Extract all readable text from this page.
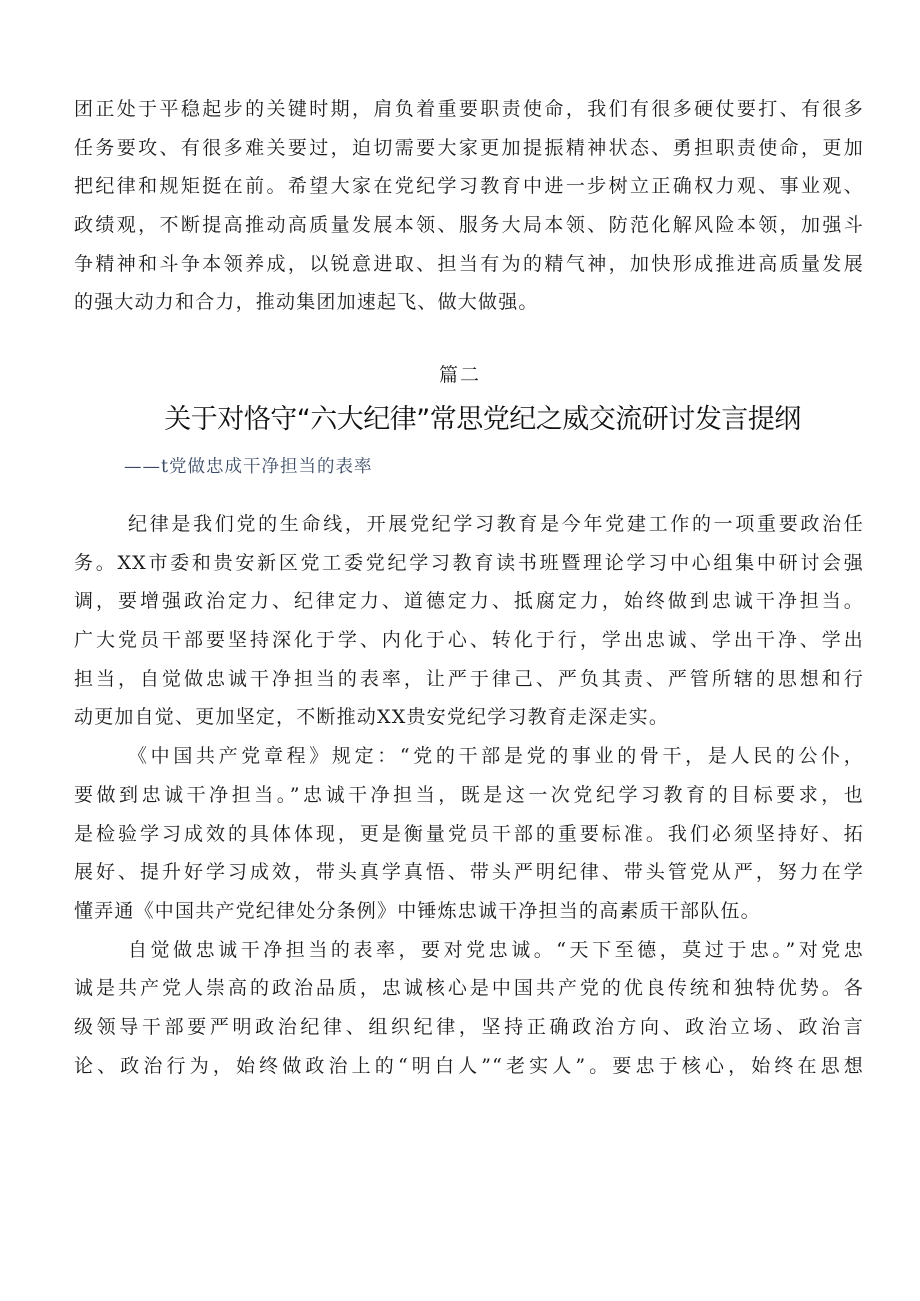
团正处于平稳起步的关键时期，肩负着重要职责使命，我们有很多硬仗要打、有很多
任务要攻、有很多难关要过，迫切需要大家更加提振精神状态、勇担职责使命，更加
把纪律和规矩挺在前。希望大家在党纪学习教育中进一步树立正确权力观、事业观、
政绩观，不断提高推动高质量发展本领、服务大局本领、防范化解风险本领，加强斗
争精神和斗争本领养成，以锐意进取、担当有为的精气神，加快形成推进高质量发展
的强大动力和合力，推动集团加速起飞、做大做强。
篇二
关于对恪守“六大纪律”常思党纪之威交流研讨发言提纲
——t党做忠成干净担当的表率
纪律是我们党的生命线，开展党纪学习教育是今年党建工作的一项重要政治任
务。XX市委和贵安新区党工委党纪学习教育读书班暨理论学习中心组集中研讨会强
调，要增强政治定力、纪律定力、道德定力、抵腐定力，始终做到忠诚干净担当。
广大党员干部要坚持深化于学、内化于心、转化于行，学出忠诚、学出干净、学出
担当，自觉做忠诚干净担当的表率，让严于律己、严负其责、严管所辖的思想和行
动更加自觉、更加坚定，不断推动XX贵安党纪学习教育走深走实。
《中国共产党章程》规定：“党的干部是党的事业的骨干，是人民的公仆，
要做到忠诚干净担当。”忠诚干净担当，既是这一次党纪学习教育的目标要求，也
是检验学习成效的具体体现，更是衡量党员干部的重要标准。我们必须坚持好、拓
展好、提升好学习成效，带头真学真悟、带头严明纪律、带头管党从严，努力在学
懂弄通《中国共产党纪律处分条例》中锤炼忠诚干净担当的高素质干部队伍。
自觉做忠诚干净担当的表率，要对党忠诚。“天下至德，莫过于忠。”对党忠
诚是共产党人崇高的政治品质，忠诚核心是中国共产党的优良传统和独特优势。各
级领导干部要严明政治纪律、组织纪律，坚持正确政治方向、政治立场、政治言
论、政治行为，始终做政治上的“明白人”“老实人”。要忠于核心，始终在思想
